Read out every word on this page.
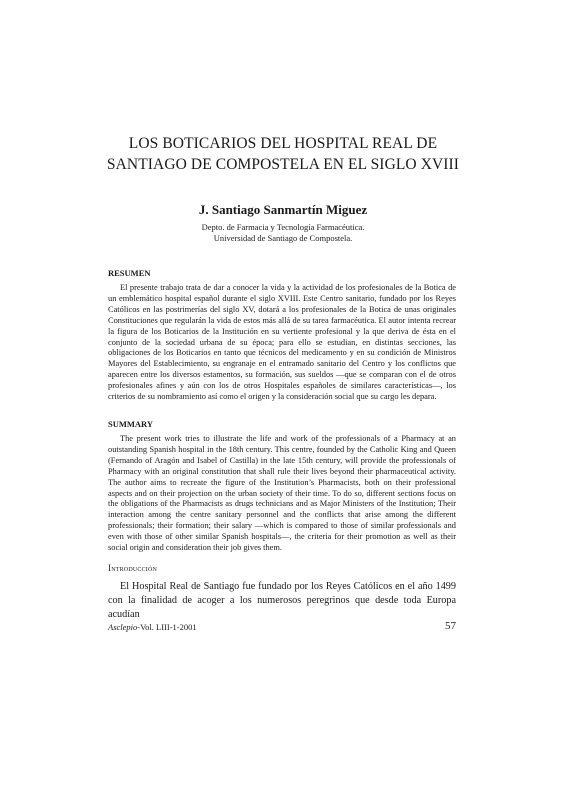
LOS BOTICARIOS DEL HOSPITAL REAL DE
SANTIAGO DE COMPOSTELA EN EL SIGLO XVIII
J. Santiago Sanmartín Miguez
Depto. de Farmacia y Tecnología Farmacéutica.
Universidad de Santiago de Compostela.
RESUMEN

El presente trabajo trata de dar a conocer la vida y la actividad de los profesionales de la Botica de un emblemático hospital español durante el siglo XVIII. Este Centro sanitario, fundado por los Reyes Católicos en las postrimerías del siglo XV, dotará a los profesionales de la Botica de unas originales Constituciones que regularán la vida de estos más allá de su tarea farmacéutica. El autor intenta recrear la figura de los Boticarios de la Institución en su vertiente profesional y la que deriva de ésta en el conjunto de la sociedad urbana de su época; para ello se estudian, en distintas secciones, las obligaciones de los Boticarios en tanto que técnicos del medicamento y en su condición de Ministros Mayores del Establecimiento, su engranaje en el entramado sanitario del Centro y los conflictos que aparecen entre los diversos estamentos, su formación, sus sueldos —que se comparan con el de otros profesionales afines y aún con los de otros Hospitales españoles de similares características—, los criterios de su nombramiento así como el origen y la consideración social que su cargo les depara.

SUMMARY

The present work tries to illustrate the life and work of the professionals of a Pharmacy at an outstanding Spanish hospital in the 18th century. This centre, founded by the Catholic King and Queen (Fernando of Aragón and Isabel of Castilla) in the late 15th century, will provide the professionals of Pharmacy with an original constitution that shall rule their lives beyond their pharmaceutical activity. The author aims to recreate the figure of the Institution’s Pharmacists, both on their professional aspects and on their projection on the urban society of their time. To do so, different sections focus on the obligations of the Pharmacists as drugs technicians and as Major Ministers of the Institution; Their interaction among the centre sanitary personnel and the conflicts that arise among the different professionals; their formation; their salary —which is compared to those of similar professionals and even with those of other similar Spanish hospitals—, the criteria for their promotion as well as their social origin and consideration their job gives them.

Introducción

El Hospital Real de Santiago fue fundado por los Reyes Católicos en el año 1499 con la finalidad de acoger a los numerosos peregrinos que desde toda Europa acudían

Asclepio-Vol. LIII-1-2001	57
